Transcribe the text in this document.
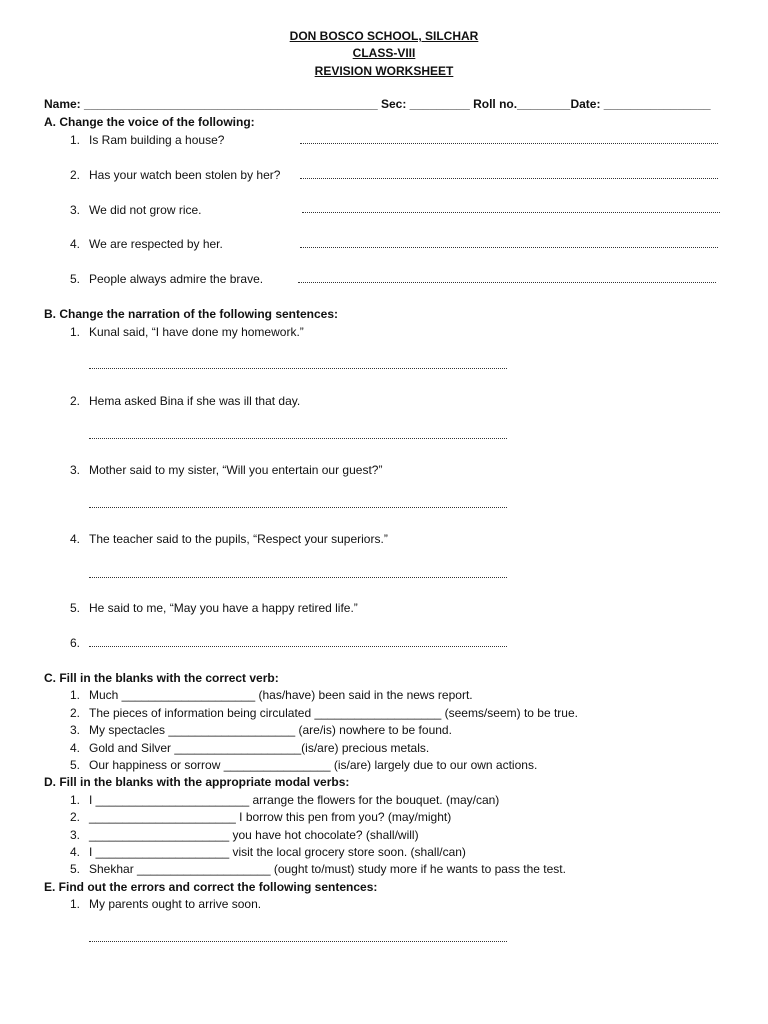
DON BOSCO SCHOOL, SILCHAR
CLASS-VIII
REVISION WORKSHEET
Name: ____________________________________________ Sec: _________ Roll no.________Date: ________________
A. Change the voice of the following:
1. Is Ram building a house?
2. Has your watch been stolen by her?
3. We did not grow rice.
4. We are respected by her.
5. People always admire the brave.
B. Change the narration of the following sentences:
1. Kunal said, “I have done my homework.”
2. Hema asked Bina if she was ill that day.
3. Mother said to my sister, “Will you entertain our guest?”
4. The teacher said to the pupils, “Respect your superiors.”
5. He said to me, “May you have a happy retired life.”
6.
C. Fill in the blanks with the correct verb:
1. Much ____________________ (has/have) been said in the news report.
2. The pieces of information being circulated ___________________ (seems/seem) to be true.
3. My spectacles ___________________ (are/is) nowhere to be found.
4. Gold and Silver ___________________(is/are) precious metals.
5. Our happiness or sorrow ________________ (is/are) largely due to our own actions.
D. Fill in the blanks with the appropriate modal verbs:
1. I _______________________ arrange the flowers for the bouquet. (may/can)
2. ______________________ I borrow this pen from you? (may/might)
3. _____________________ you have hot chocolate? (shall/will)
4. I ____________________ visit the local grocery store soon. (shall/can)
5. Shekhar ____________________ (ought to/must) study more if he wants to pass the test.
E. Find out the errors and correct the following sentences:
1. My parents ought to arrive soon.
